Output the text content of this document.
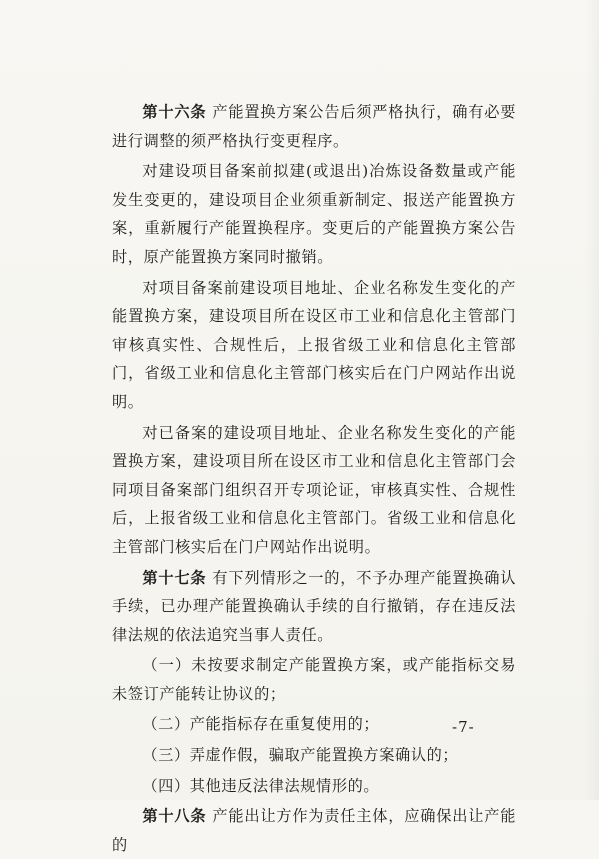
第十六条 产能置换方案公告后须严格执行，确有必要进行调整的须严格执行变更程序。

对建设项目备案前拟建(或退出)冶炼设备数量或产能发生变更的，建设项目企业须重新制定、报送产能置换方案，重新履行产能置换程序。变更后的产能置换方案公告时，原产能置换方案同时撤销。

对项目备案前建设项目地址、企业名称发生变化的产能置换方案，建设项目所在设区市工业和信息化主管部门审核真实性、合规性后，上报省级工业和信息化主管部门，省级工业和信息化主管部门核实后在门户网站作出说明。

对已备案的建设项目地址、企业名称发生变化的产能置换方案，建设项目所在设区市工业和信息化主管部门会同项目备案部门组织召开专项论证，审核真实性、合规性后，上报省级工业和信息化主管部门。省级工业和信息化主管部门核实后在门户网站作出说明。

第十七条 有下列情形之一的，不予办理产能置换确认手续，已办理产能置换确认手续的自行撤销，存在违反法律法规的依法追究当事人责任。

（一）未按要求制定产能置换方案，或产能指标交易未签订产能转让协议的；

（二）产能指标存在重复使用的；

（三）弄虚作假，骗取产能置换方案确认的；

（四）其他违反法律法规情形的。

第十八条 产能出让方作为责任主体，应确保出让产能的

-7-
